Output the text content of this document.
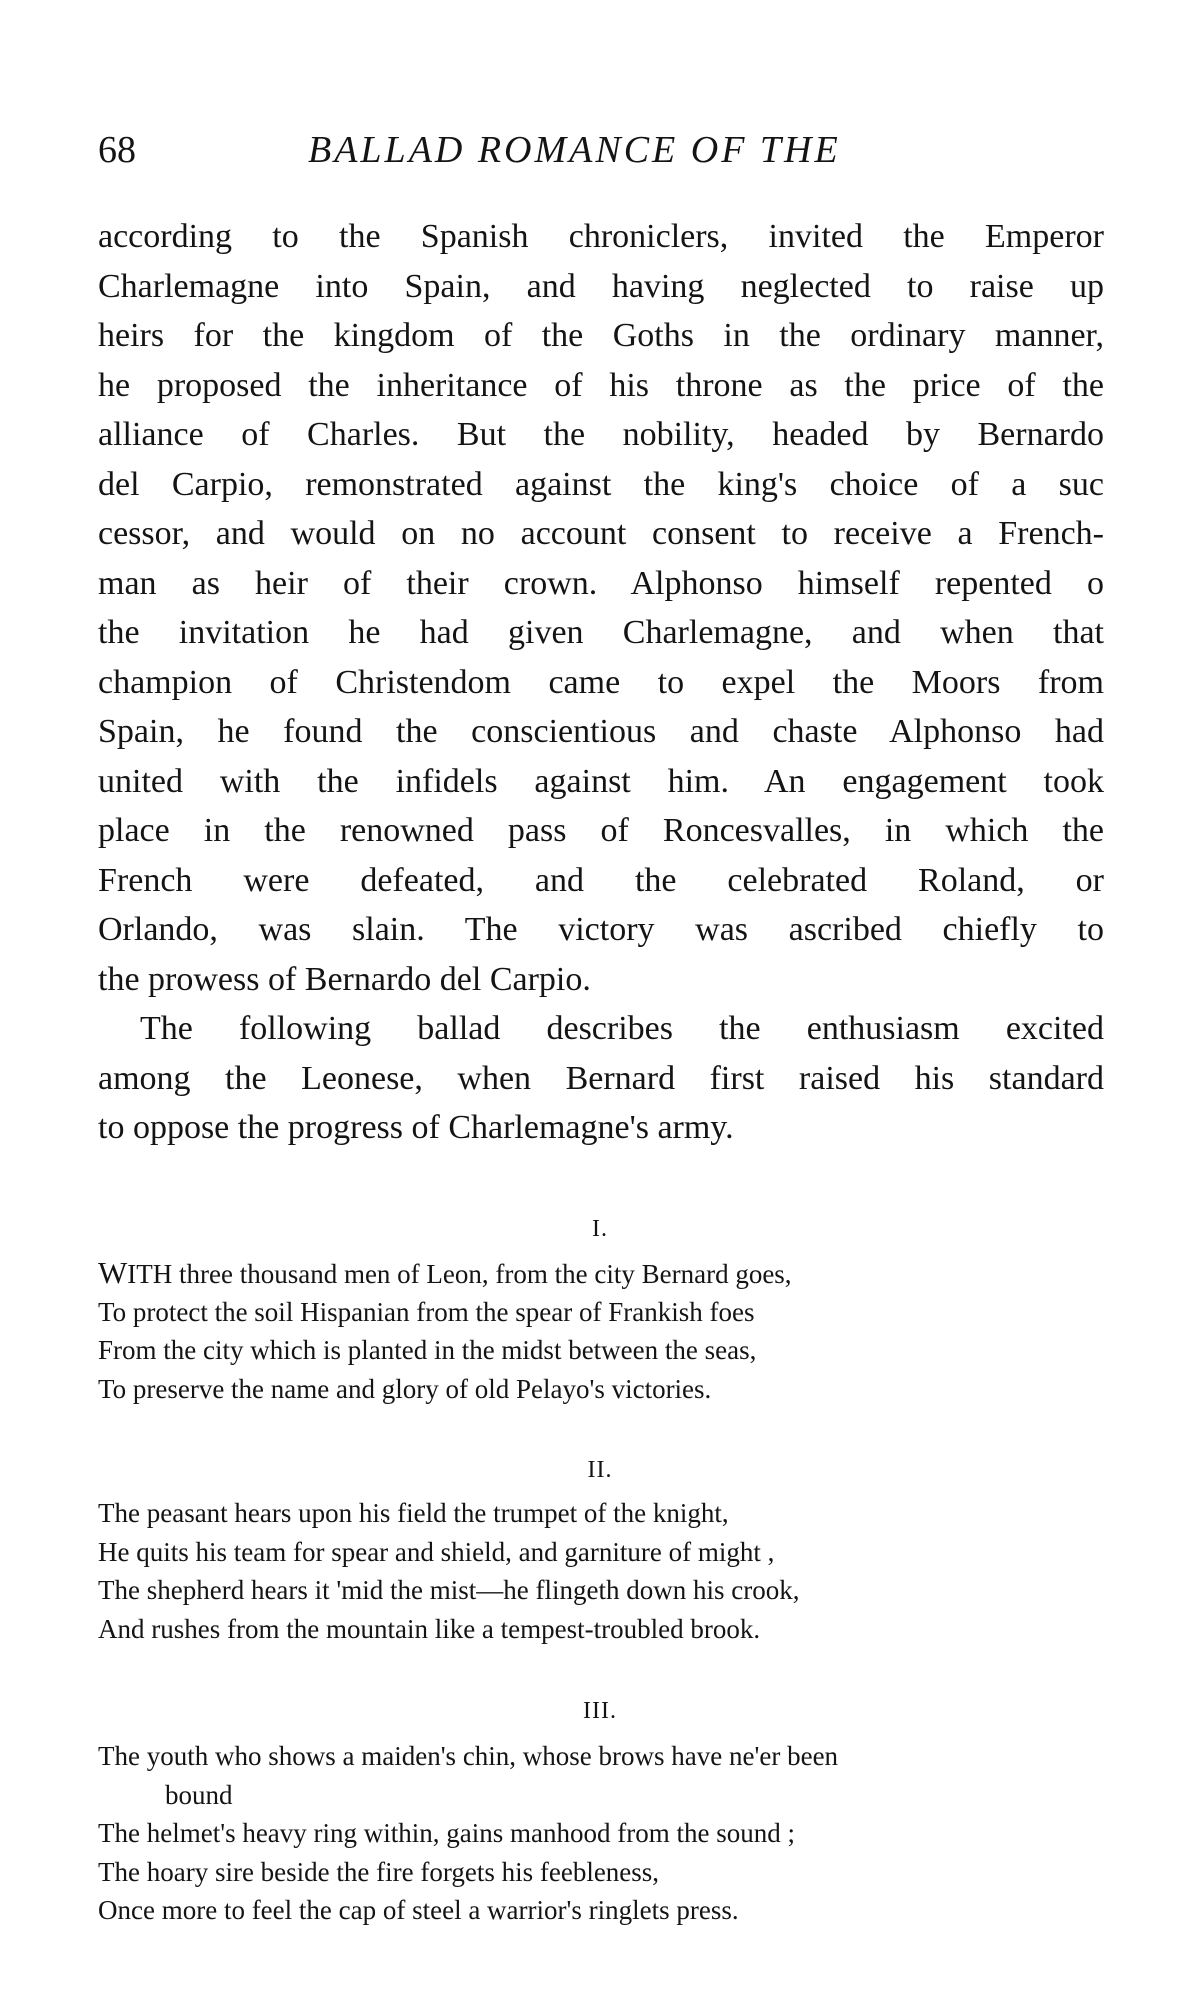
68	BALLAD ROMANCE OF THE
according to the Spanish chroniclers, invited the Emperor
Charlemagne into Spain, and having neglected to raise up
heirs for the kingdom of the Goths in the ordinary manner,
he proposed the inheritance of his throne as the price of the
alliance of Charles. But the nobility, headed by Bernardo
del Carpio, remonstrated against the king's choice of a suc
cessor, and would on no account consent to receive a French-
man as heir of their crown. Alphonso himself repented o
the invitation he had given Charlemagne, and when that
champion of Christendom came to expel the Moors from
Spain, he found the conscientious and chaste Alphonso had
united with the infidels against him. An engagement took
place in the renowned pass of Roncesvalles, in which the
French were defeated, and the celebrated Roland, or
Orlando, was slain. The victory was ascribed chiefly to
the prowess of Bernardo del Carpio.
The following ballad describes the enthusiasm excited
among the Leonese, when Bernard first raised his standard
to oppose the progress of Charlemagne's army.
I.
WITH three thousand men of Leon, from the city Bernard goes,
To protect the soil Hispanian from the spear of Frankish foes
From the city which is planted in the midst between the seas,
To preserve the name and glory of old Pelayo's victories.
II.
The peasant hears upon his field the trumpet of the knight,
He quits his team for spear and shield, and garniture of might ,
The shepherd hears it 'mid the mist—he flingeth down his crook,
And rushes from the mountain like a tempest-troubled brook.
III.
The youth who shows a maiden's chin, whose brows have ne'er been
bound
The helmet's heavy ring within, gains manhood from the sound ;
The hoary sire beside the fire forgets his feebleness,
Once more to feel the cap of steel a warrior's ringlets press.
